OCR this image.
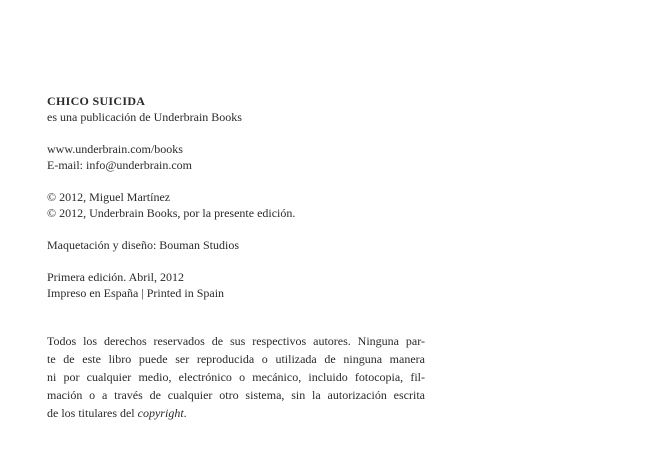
CHICO SUICIDA
es una publicación de Underbrain Books
www.underbrain.com/books
E-mail: info@underbrain.com
© 2012, Miguel Martínez
© 2012, Underbrain Books, por la presente edición.
Maquetación y diseño: Bouman Studios
Primera edición. Abril, 2012
Impreso en España | Printed in Spain
Todos los derechos reservados de sus respectivos autores. Ninguna par-
te de este libro puede ser reproducida o utilizada de ninguna manera
ni por cualquier medio, electrónico o mecánico, incluido fotocopia, fil-
mación o a través de cualquier otro sistema, sin la autorización escrita
de los titulares del copyright.
